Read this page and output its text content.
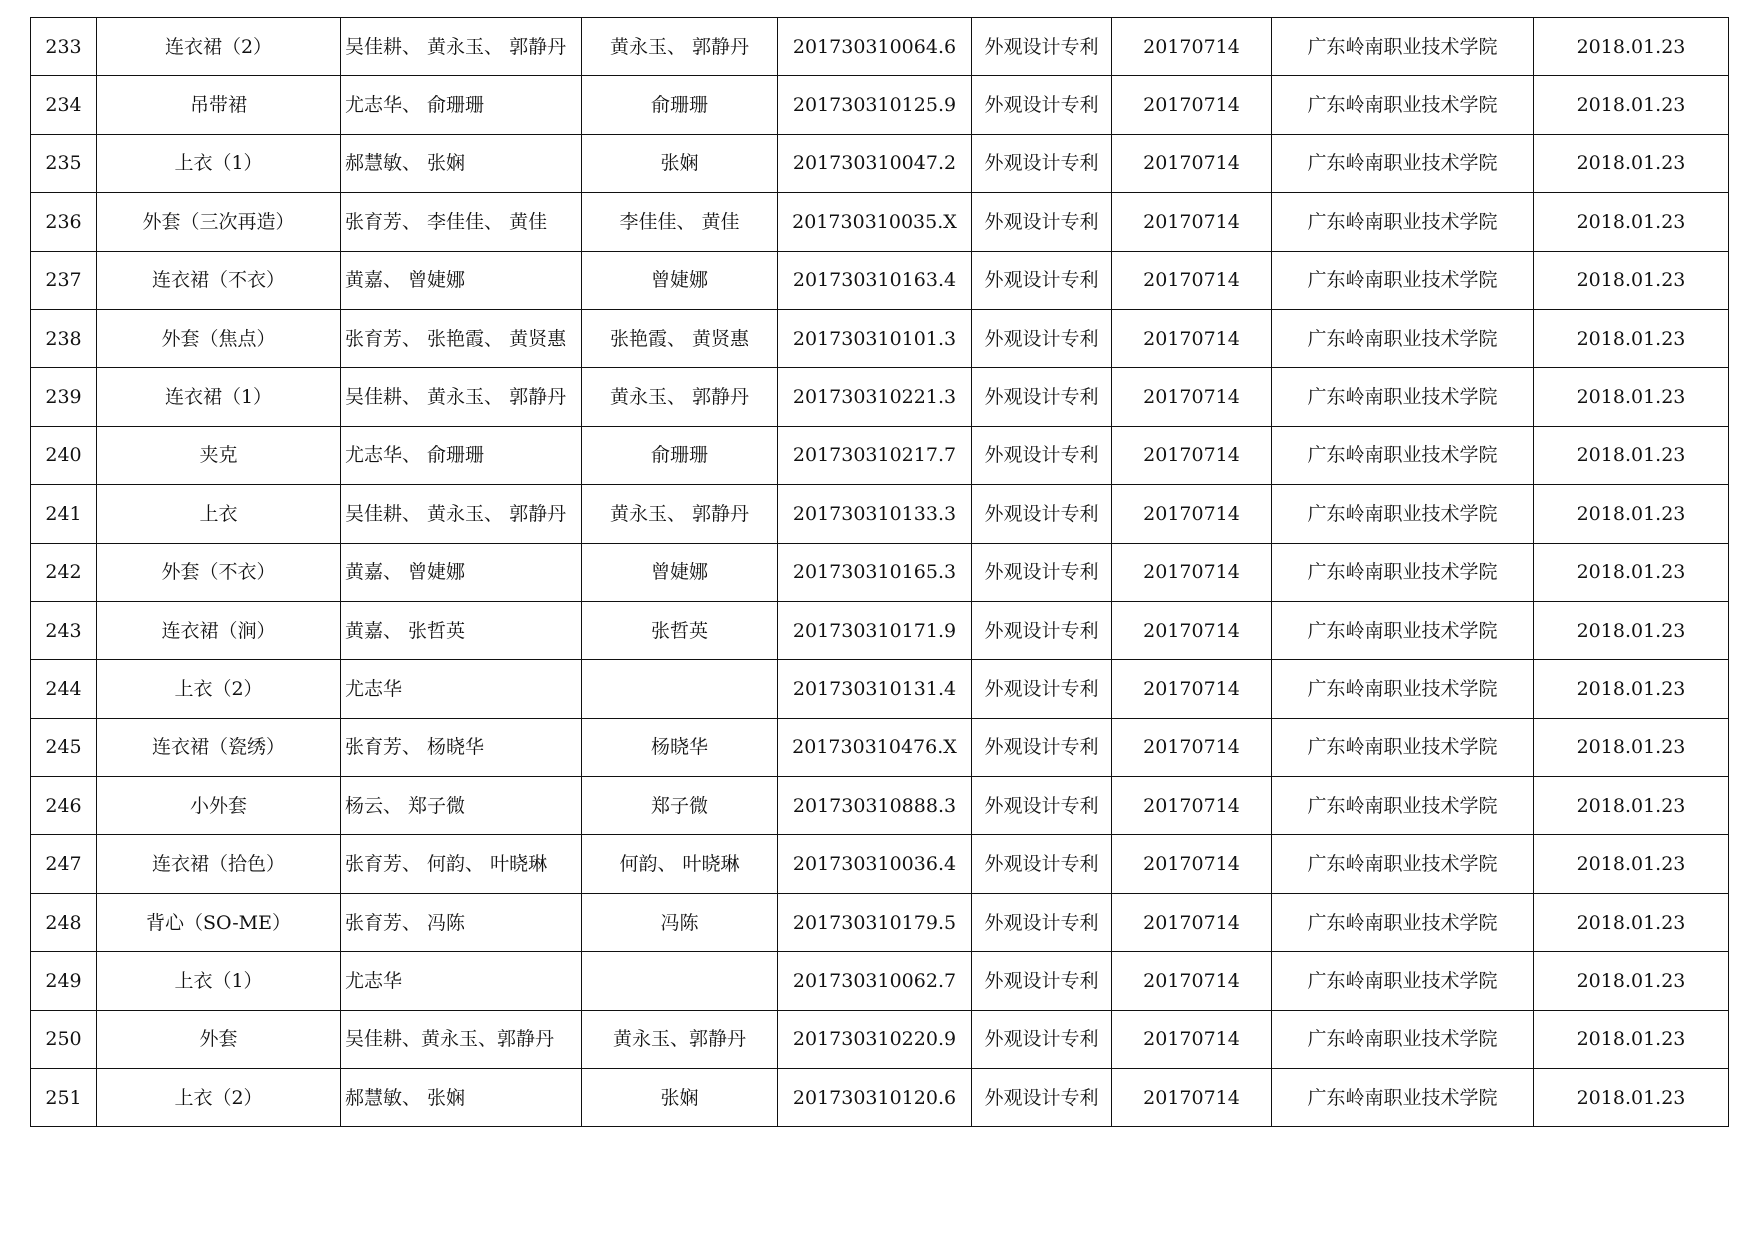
233	连衣裙（2）	吴佳耕、 黄永玉、 郭静丹	黄永玉、 郭静丹	201730310064.6	外观设计专利	20170714	广东岭南职业技术学院	2018.01.23
234	吊带裙	尤志华、 俞珊珊	俞珊珊	201730310125.9	外观设计专利	20170714	广东岭南职业技术学院	2018.01.23
235	上衣（1）	郝慧敏、 张娴	张娴	201730310047.2	外观设计专利	20170714	广东岭南职业技术学院	2018.01.23
236	外套（三次再造）	张育芳、 李佳佳、 黄佳	李佳佳、 黄佳	201730310035.X	外观设计专利	20170714	广东岭南职业技术学院	2018.01.23
237	连衣裙（不衣）	黄嘉、 曾婕娜	曾婕娜	201730310163.4	外观设计专利	20170714	广东岭南职业技术学院	2018.01.23
238	外套（焦点）	张育芳、 张艳霞、 黄贤惠	张艳霞、 黄贤惠	201730310101.3	外观设计专利	20170714	广东岭南职业技术学院	2018.01.23
239	连衣裙（1）	吴佳耕、 黄永玉、 郭静丹	黄永玉、 郭静丹	201730310221.3	外观设计专利	20170714	广东岭南职业技术学院	2018.01.23
240	夹克	尤志华、 俞珊珊	俞珊珊	201730310217.7	外观设计专利	20170714	广东岭南职业技术学院	2018.01.23
241	上衣	吴佳耕、 黄永玉、 郭静丹	黄永玉、 郭静丹	201730310133.3	外观设计专利	20170714	广东岭南职业技术学院	2018.01.23
242	外套（不衣）	黄嘉、 曾婕娜	曾婕娜	201730310165.3	外观设计专利	20170714	广东岭南职业技术学院	2018.01.23
243	连衣裙（涧）	黄嘉、 张哲英	张哲英	201730310171.9	外观设计专利	20170714	广东岭南职业技术学院	2018.01.23
244	上衣（2）	尤志华		201730310131.4	外观设计专利	20170714	广东岭南职业技术学院	2018.01.23
245	连衣裙（瓷绣）	张育芳、 杨晓华	杨晓华	201730310476.X	外观设计专利	20170714	广东岭南职业技术学院	2018.01.23
246	小外套	杨云、 郑子微	郑子微	201730310888.3	外观设计专利	20170714	广东岭南职业技术学院	2018.01.23
247	连衣裙（拾色）	张育芳、 何韵、 叶晓琳	何韵、 叶晓琳	201730310036.4	外观设计专利	20170714	广东岭南职业技术学院	2018.01.23
248	背心（SO-ME）	张育芳、 冯陈	冯陈	201730310179.5	外观设计专利	20170714	广东岭南职业技术学院	2018.01.23
249	上衣（1）	尤志华		201730310062.7	外观设计专利	20170714	广东岭南职业技术学院	2018.01.23
250	外套	吴佳耕、黄永玉、郭静丹	黄永玉、郭静丹	201730310220.9	外观设计专利	20170714	广东岭南职业技术学院	2018.01.23
251	上衣（2）	郝慧敏、 张娴	张娴	201730310120.6	外观设计专利	20170714	广东岭南职业技术学院	2018.01.23
